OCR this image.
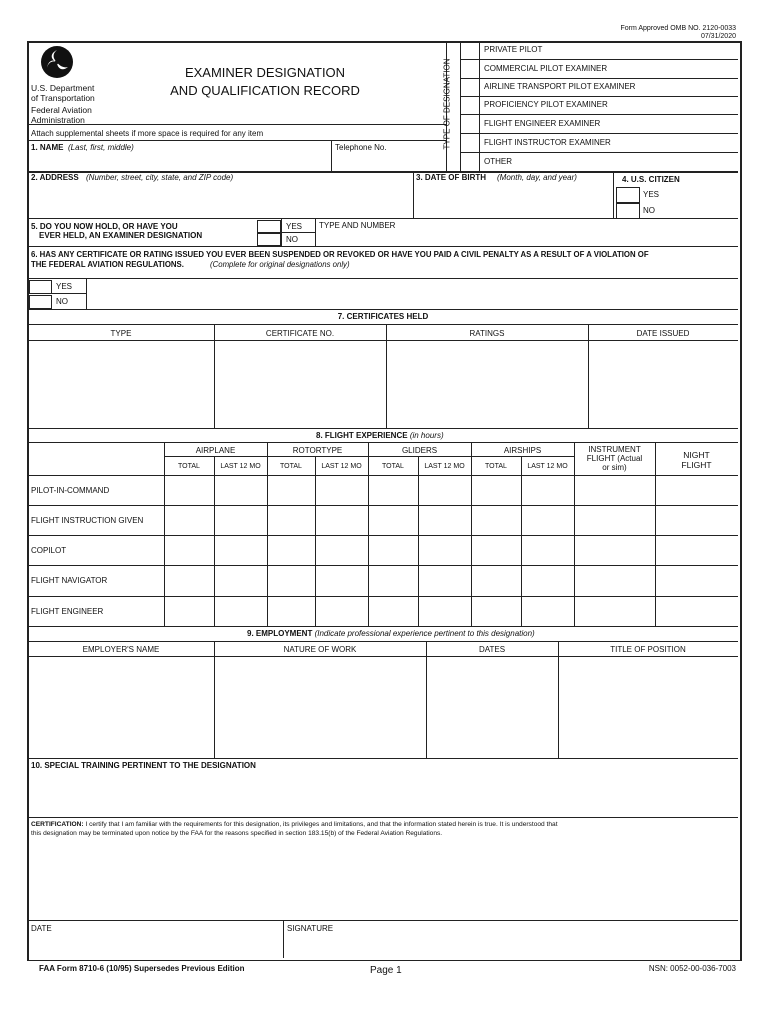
Form Approved OMB NO. 2120-0033
07/31/2020
U.S. Department
of Transportation
Federal Aviation
Administration
EXAMINER DESIGNATION
AND QUALIFICATION RECORD
Attach supplemental sheets if more space is required for any item
1. NAME (Last, first, middle)	Telephone No.	TYPE OF DESIGNATION
PRIVATE PILOT
COMMERCIAL PILOT EXAMINER
AIRLINE TRANSPORT PILOT EXAMINER
PROFICIENCY PILOT EXAMINER
FLIGHT ENGINEER EXAMINER
FLIGHT INSTRUCTOR EXAMINER
OTHER
2. ADDRESS (Number, street, city, state, and ZIP code)	3. DATE OF BIRTH (Month, day, and year)	4. U.S. CITIZEN
YES
NO
5. DO YOU NOW HOLD, OR HAVE YOU
EVER HELD, AN EXAMINER DESIGNATION
YES
NO
TYPE AND NUMBER
6. HAS ANY CERTIFICATE OR RATING ISSUED YOU EVER BEEN SUSPENDED OR REVOKED OR HAVE YOU PAID A CIVIL PENALTY AS A RESULT OF A VIOLATION OF
THE FEDERAL AVIATION REGULATIONS.	(Complete for original designations only)
YES
NO
7. CERTIFICATES HELD
TYPE	CERTIFICATE NO.	RATINGS	DATE ISSUED
8. FLIGHT EXPERIENCE (in hours)
AIRPLANE	ROTORTYPE	GLIDERS	AIRSHIPS	INSTRUMENT
FLIGHT (Actual
or sim)
NIGHT
FLIGHT
TOTAL	LAST 12 MO	TOTAL	LAST 12 MO	TOTAL	LAST 12 MO	TOTAL	LAST 12 MO
PILOT-IN-COMMAND
FLIGHT INSTRUCTION GIVEN
COPILOT
FLIGHT NAVIGATOR
FLIGHT ENGINEER
9. EMPLOYMENT (Indicate professional experience pertinent to this designation)
EMPLOYER'S NAME	NATURE OF WORK	DATES	TITLE OF POSITION
10. SPECIAL TRAINING PERTINENT TO THE DESIGNATION
CERTIFICATION: I certify that I am familiar with the requirements for this designation, its privileges and limitations, and that the information stated herein is true. It is understood that
this designation may be terminated upon notice by the FAA for the reasons specified in section 183.15(b) of the Federal Aviation Regulations.
DATE	SIGNATURE
FAA Form 8710-6 (10/95) Supersedes Previous Edition	Page 1	NSN: 0052-00-036-7003
